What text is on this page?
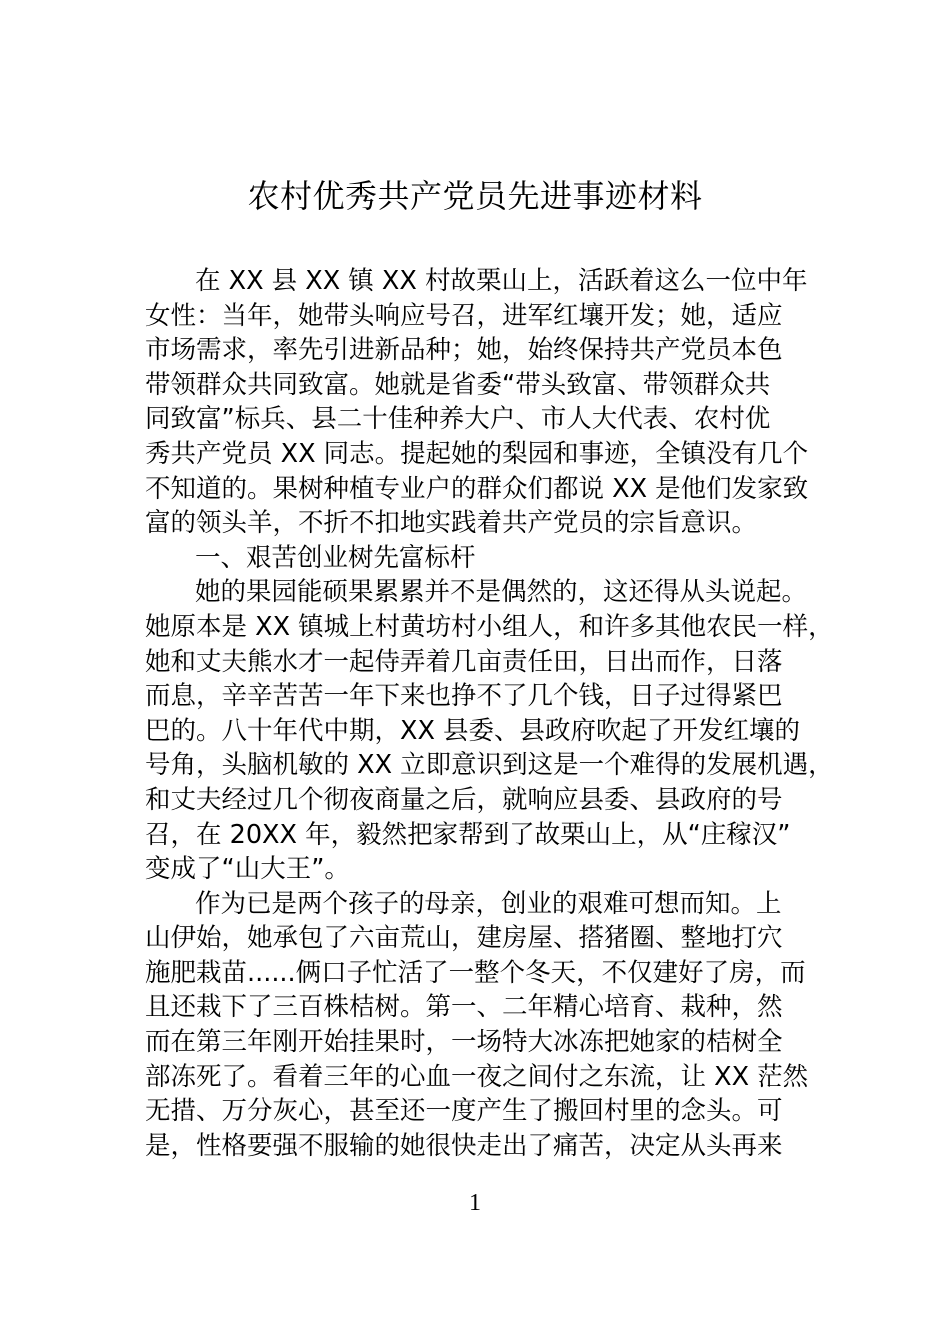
农村优秀共产党员先进事迹材料
在 XX 县 XX 镇 XX 村故栗山上，活跃着这么一位中年
女性：当年，她带头响应号召，进军红壤开发；她，适应
市场需求，率先引进新品种；她，始终保持共产党员本色
带领群众共同致富。她就是省委“带头致富、带领群众共
同致富”标兵、县二十佳种养大户、市人大代表、农村优
秀共产党员 XX 同志。提起她的梨园和事迹，全镇没有几个
不知道的。果树种植专业户的群众们都说 XX 是他们发家致
富的领头羊，不折不扣地实践着共产党员的宗旨意识。
一、艰苦创业树先富标杆
她的果园能硕果累累并不是偶然的，这还得从头说起。
她原本是 XX 镇城上村黄坊村小组人，和许多其他农民一样，
她和丈夫熊水才一起侍弄着几亩责任田，日出而作，日落
而息，辛辛苦苦一年下来也挣不了几个钱，日子过得紧巴
巴的。八十年代中期，XX 县委、县政府吹起了开发红壤的
号角，头脑机敏的 XX 立即意识到这是一个难得的发展机遇，
和丈夫经过几个彻夜商量之后，就响应县委、县政府的号
召，在 20XX 年，毅然把家帮到了故栗山上，从“庄稼汉”
变成了“山大王”。
作为已是两个孩子的母亲，创业的艰难可想而知。上
山伊始，她承包了六亩荒山，建房屋、搭猪圈、整地打穴
施肥栽苗......俩口子忙活了一整个冬天，不仅建好了房，而
且还栽下了三百株桔树。第一、二年精心培育、栽种，然
而在第三年刚开始挂果时，一场特大冰冻把她家的桔树全
部冻死了。看着三年的心血一夜之间付之东流，让 XX 茫然
无措、万分灰心，甚至还一度产生了搬回村里的念头。可
是，性格要强不服输的她很快走出了痛苦，决定从头再来
1
